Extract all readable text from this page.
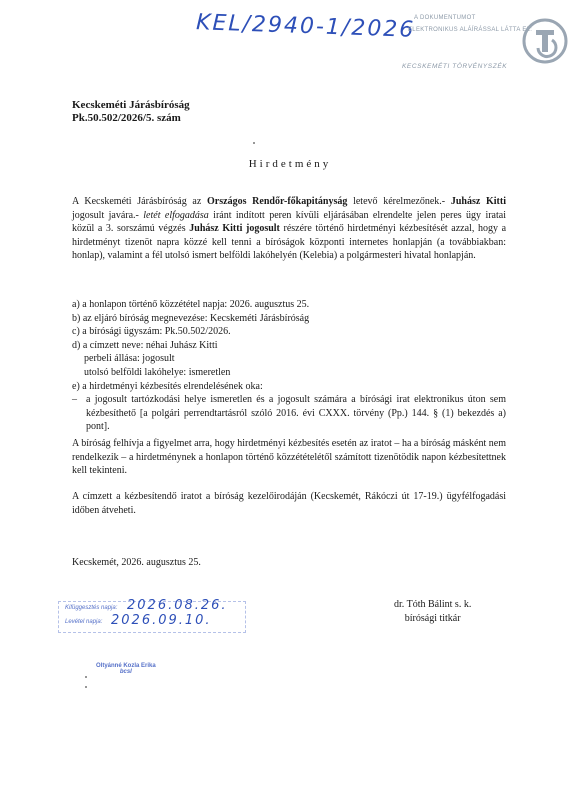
KEL/2940-1/2026
A DOKUMENTUMOT
ELEKTRONIKUS ALÁÍRÁSSAL LÁTTA EL:
KECSKEMÉTI TÖRVÉNYSZÉK
Kecskeméti Járásbíróság
Pk.50.502/2026/5. szám
Hirdetmény
A Kecskeméti Járásbíróság az Országos Rendőr-főkapitányság letevő kérelmezőnek.- Juhász Kitti jogosult javára.- letét elfogadása iránt indított peren kívüli eljárásában elrendelte jelen peres ügy iratai közül a 3. sorszámú végzés Juhász Kitti jogosult részére történő hirdetményi kézbesítését azzal, hogy a hirdetményt tizenöt napra közzé kell tenni a bíróságok központi internetes honlapján (a továbbiakban: honlap), valamint a fél utolsó ismert belföldi lakóhelyén (Kelebia) a polgármesteri hivatal honlapján.
a) a honlapon történő közzététel napja: 2026. augusztus 25.
b) az eljáró bíróság megnevezése: Kecskeméti Járásbíróság
c) a bírósági ügyszám: Pk.50.502/2026.
d) a címzett neve: néhai Juhász Kitti
perbeli állása: jogosult
utolsó belföldi lakóhelye: ismeretlen
e) a hirdetményi kézbesítés elrendelésének oka:
– a jogosult tartózkodási helye ismeretlen és a jogosult számára a bírósági irat elektronikus úton sem kézbesíthető [a polgári perrendtartásról szóló 2016. évi CXXX. törvény (Pp.) 144. § (1) bekezdés a) pont].
A bíróság felhívja a figyelmet arra, hogy hirdetményi kézbesítés esetén az iratot – ha a bíróság másként nem rendelkezik – a hirdetménynek a honlapon történő közzétételétől számított tizenötödik napon kézbesítettnek kell tekinteni.
A címzett a kézbesítendő iratot a bíróság kezelőirodáján (Kecskemét, Rákóczi út 17-19.) ügyfélfogadási időben átveheti.
Kecskemét, 2026. augusztus 25.
dr. Tóth Bálint s. k.
bírósági titkár
Kifüggesztés napja: 2026.08.26.
Levétel napja: 2026.09.10.
Oltyánné Kozla Erika
bcsl
